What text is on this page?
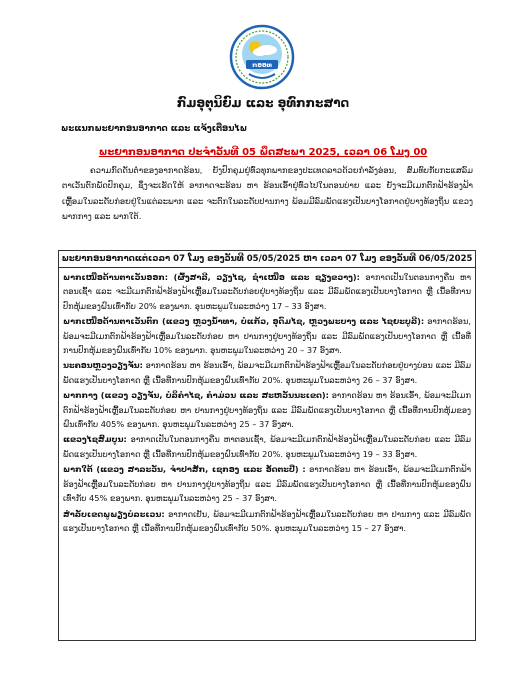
ກອອທ
ກົມອຸຕຸນິຍົມ ແລະ ອຸທົກກະສາດ
ພະແນກພະຍາກອນອາກາດ ແລະ ແຈ້ງເຕືອນໄພ
ພະຍາກອນອາກາດ ປະຈໍາວັນທີ 05 ພຶດສະພາ 2025, ເວລາ 06 ໂມງ 00

ຄວາມກົດດັນຕໍ່າຂອງອາກາດຮ້ອນ, ຍັງປົກຄຸມຢູ່ທົ່ວທຸກພາກຂອງປະເທດລາວດ້ວຍກໍາລັງອ່ອນ, ສົມທົບກັບກະແສລົມຕາເວັນຕົກພັດປົກຄຸມ, ຊຶ່ງຈະເຮັດໃຫ້ ອາກາດຈະຮ້ອນ ຫາ ຮ້ອນເອົ້າຢູ່ທົ່ວໄປໃນຕອນບ່າຍ ແລະ ຍັງຈະມີເມກຕົກຟ້າຮ້ອງຟ້າເຫຼື້ອມໃນລະດັບກ່ອຍຢູ່ໃນແຕ່ລະພາກ ແລະ ຈະຕົກໃນລະດັບປານກາງ ພ້ອມມີລົມພັດແຮງເປັນບາງໂອກາດຢູ່ບາງທ້ອງຖິ່ນ ແຂວງພາກກາງ ແລະ ພາກໃຕ້.

ພະຍາກອນອາກາດແຕ່ເວລາ 07 ໂມງ ຂອງວັນທີ 05/05/2025 ຫາ ເວລາ 07 ໂມງ ຂອງວັນທີ 06/05/2025

ພາກເໜືອດ້ານຕາເວັນອອກ: (ຜົ້ງສາລີ, ວຽງໄຊ, ຊຳເໜືອ ແລະ ຊຽງຂວາງ): ອາກາດເປັນໃນຕອນກາງຄືນ ຫາ ຕອນເຊົ້າ ແລະ ຈະມີເມກຕົກຟ້າຮ້ອງຟ້າເຫຼື້ອມໃນລະດັບກ່ອຍຢູ່ບາງທ້ອງຖິ່ນ ແລະ ມີລົມພັດແຮງເປັນບາງໂອກາດ ຫຼື ເນື້ອທີ່ການປົກຫຸ້ມຂອງຝົນເທົ່າກັບ 20% ຂອງພາກ. ອຸນຫະພູມໃນລະຫວ່າງ 17 – 33 ອົງສາ.

ພາກເໜືອດ້ານຕາເວັນຕົກ (ແຂວງ ຫຼວງນ້ຳທາ, ບໍ່ແກ້ວ, ອຸດົມໄຊ, ຫຼວງພະບາງ ແລະ ໄຊຍະບູລີ): ອາກາດຮ້ອນ, ພ້ອມຈະມີເມກຕົກຟ້າຮ້ອງຟ້າເຫຼື້ອມໃນລະດັບກ່ອຍ ຫາ ປານກາງຢູ່ບາງທ້ອງຖິ່ນ ແລະ ມີລົມພັດແຮງເປັນບາງໂອກາດ ຫຼື ເນື້ອທີ່ການປົກຫຸ້ມຂອງຝົນເທົ່າກັບ 10% ຂອງພາກ. ອຸນຫະພູມໃນລະຫວ່າງ 20 – 37 ອົງສາ.

ນະຄອນຫຼວງວຽງຈັນ: ອາກາດຮ້ອນ ຫາ ຮ້ອນເອົ້າ, ພ້ອມຈະມີເມກຕົກຟ້າຮ້ອງຟ້າເຫຼື້ອມໃນລະດັບກ່ອຍຢູ່ບາງບ່ອນ ແລະ ມີລົມພັດແຮງເປັນບາງໂອກາດ ຫຼື ເນື້ອທີ່ການປົກຫຸ້ມຂອງຝົນເທົ່າກັບ 20%. ອຸນຫະພູມໃນລະຫວ່າງ 26 – 37 ອົງສາ.

ພາກກາງ (ແຂວງ ວຽງຈັນ, ບໍລິຄຳໄຊ, ຄຳມ່ວນ ແລະ ສະຫວັນນະເຂດ): ອາກາດຮ້ອນ ຫາ ຮ້ອນເອົ້າ, ພ້ອມຈະມີເມກຕົກຟ້າຮ້ອງຟ້າເຫຼື້ອມໃນລະດັບກ່ອຍ ຫາ ປານກາງຢູ່ບາງທ້ອງຖິ່ນ ແລະ ມີລົມພັດແຮງເປັນບາງໂອກາດ ຫຼື ເນື້ອທີ່ການປົກຫຸ້ມຂອງຝົນເທົ່າກັບ 405% ຂອງພາກ. ອຸນຫະພູມໃນລະຫວ່າງ 25 – 37 ອົງສາ.

ແຂວງໄຊສົມບູນ: ອາກາດເປັນໃນຕອນກາງຄືນ ຫາຕອນເຊົ້າ, ພ້ອມຈະມີເມກຕົກຟ້າຮ້ອງຟ້າເຫຼື້ອມໃນລະດັບກ່ອຍ ແລະ ມີລົມພັດແຮງເປັນບາງໂອກາດ ຫຼື ເນື້ອທີ່ການປົກຫຸ້ມຂອງຝົນເທົ່າກັບ 20%. ອຸນຫະພູມໃນລະຫວ່າງ 19 – 33 ອົງສາ.

ພາກໃຕ້ (ແຂວງ ສາລະວັນ, ຈຳປາສັກ, ເຊກອງ ແລະ ອັດຕະປື) : ອາກາດຮ້ອນ ຫາ ຮ້ອນເອົ້າ, ພ້ອມຈະມີເມກຕົກຟ້າຮ້ອງຟ້າເຫຼື້ອມໃນລະດັບກ່ອຍ ຫາ ປານກາງຢູ່ບາງທ້ອງຖິ່ນ ແລະ ມີລົມພັດແຮງເປັນບາງໂອກາດ ຫຼື ເນື້ອທີ່ການປົກຫຸ້ມຂອງຝົນເທົ່າກັບ 45% ຂອງພາກ. ອຸນຫະພູມໃນລະຫວ່າງ 25 – 37 ອົງສາ.

ສຳລັບເຂດພູພຽງບໍລະເວນ: ອາກາດເຢັນ, ພ້ອມຈະມີເມກຕົກຟ້າຮ້ອງຟ້າເຫຼື້ອມໃນລະດັບກ່ອຍ ຫາ ປານກາງ ແລະ ມີລົມພັດແຮງເປັນບາງໂອກາດ ຫຼື ເນື້ອທີ່ການປົກຫຸ້ມຂອງຝົນເທົ່າກັບ 50%. ອຸນຫະພູມໃນລະຫວ່າງ 15 – 27 ອົງສາ.
